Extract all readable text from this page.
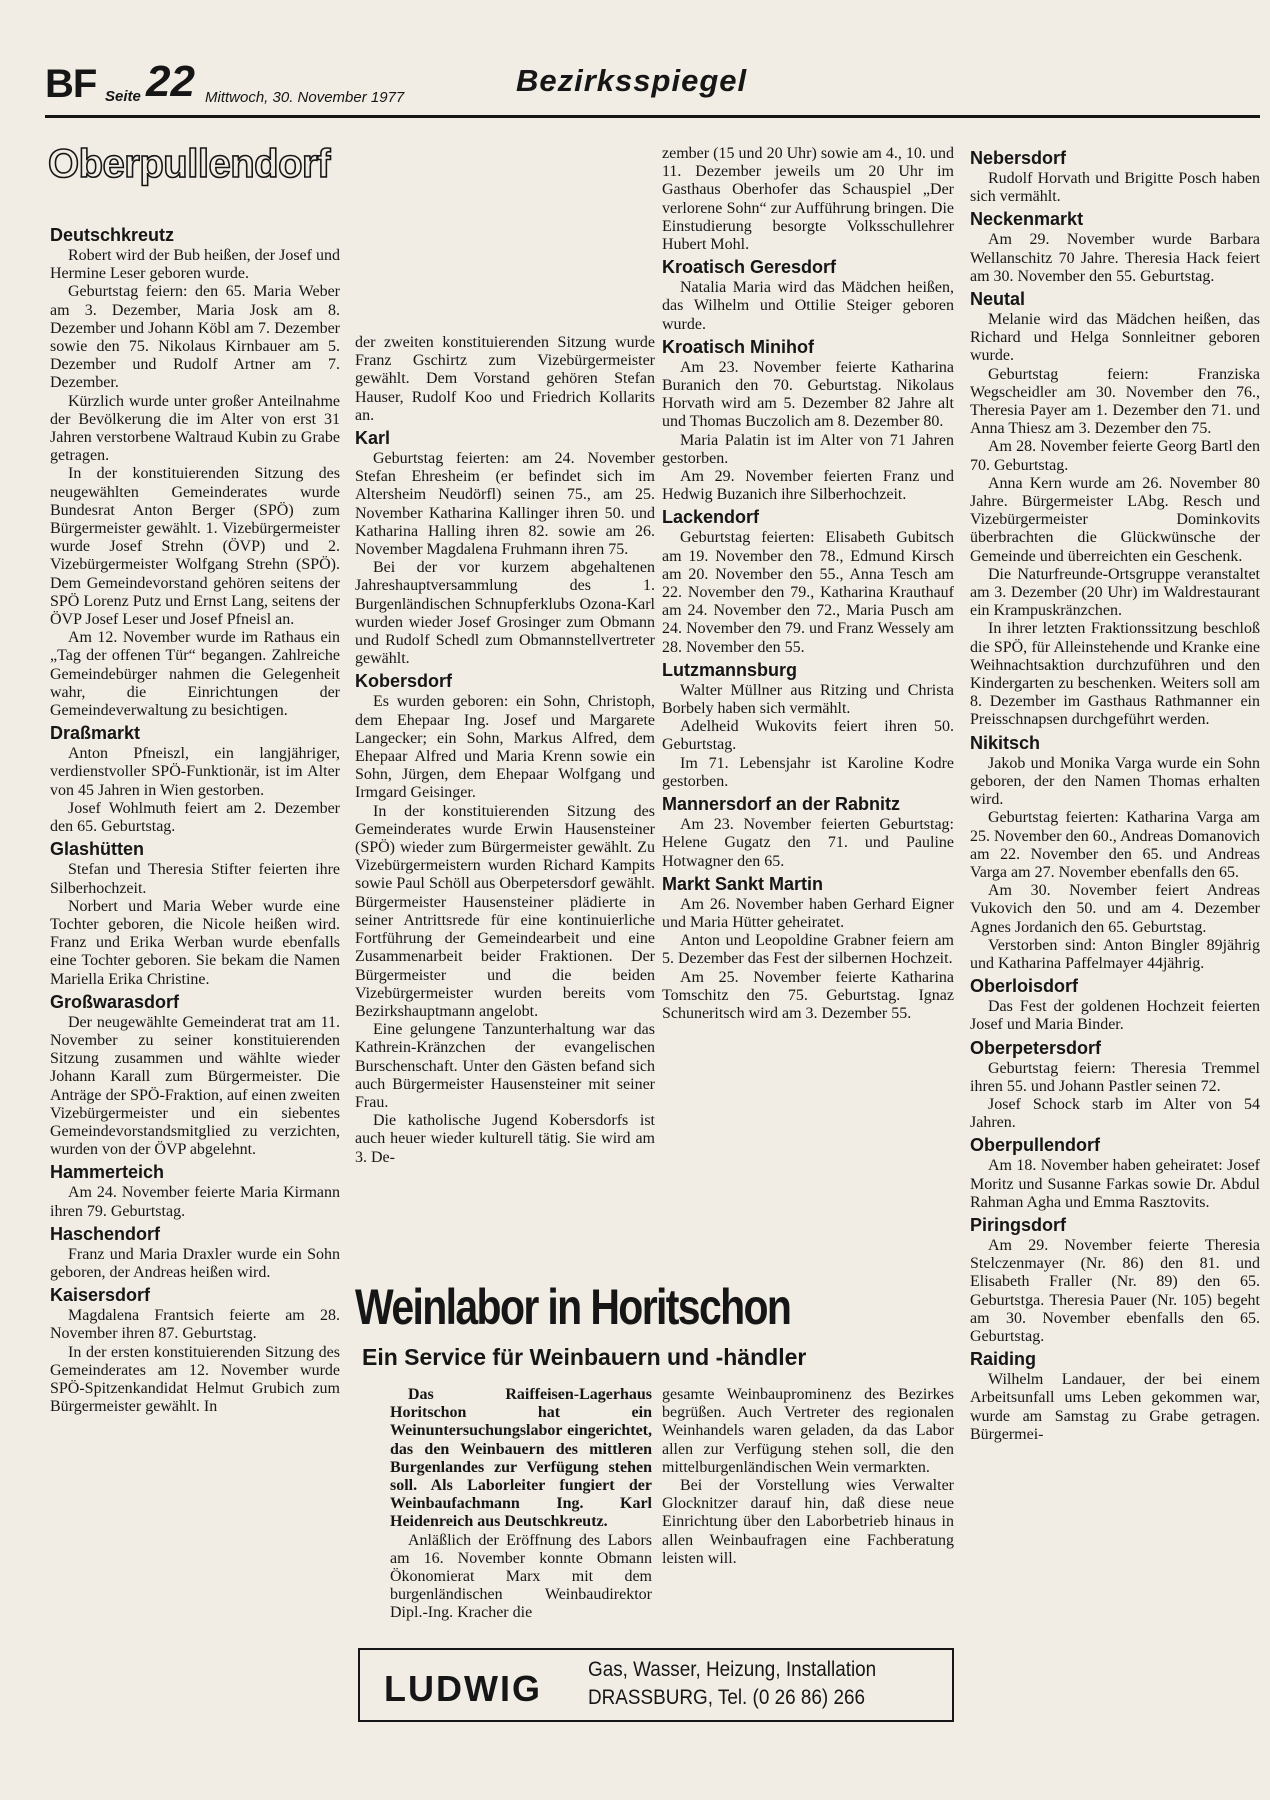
BF Seite 22 Mittwoch, 30. November 1977	Bezirksspiegel
Oberpullendorf
Deutschkreutz

Robert wird der Bub heißen, der Josef und Hermine Leser geboren wurde.

Geburtstag feiern: den 65. Maria Weber am 3. Dezember, Maria Josk am 8. Dezember und Johann Köbl am 7. Dezember sowie den 75. Nikolaus Kirnbauer am 5. Dezember und Rudolf Artner am 7. Dezember.

Kürzlich wurde unter großer Anteilnahme der Bevölkerung die im Alter von erst 31 Jahren verstorbene Waltraud Kubin zu Grabe getragen.

In der konstituierenden Sitzung des neugewählten Gemeinderates wurde Bundesrat Anton Berger (SPÖ) zum Bürgermeister gewählt. 1. Vizebürgermeister wurde Josef Strehn (ÖVP) und 2. Vizebürgermeister Wolfgang Strehn (SPÖ). Dem Gemeindevorstand gehören seitens der SPÖ Lorenz Putz und Ernst Lang, seitens der ÖVP Josef Leser und Josef Pfneisl an.

Am 12. November wurde im Rathaus ein „Tag der offenen Tür“ begangen. Zahlreiche Gemeindebürger nahmen die Gelegenheit wahr, die Einrichtungen der Gemeindeverwaltung zu besichtigen.

Draßmarkt

Anton Pfneiszl, ein langjähriger, verdienstvoller SPÖ-Funktionär, ist im Alter von 45 Jahren in Wien gestorben.

Josef Wohlmuth feiert am 2. Dezember den 65. Geburtstag.

Glashütten

Stefan und Theresia Stifter feierten ihre Silberhochzeit.

Norbert und Maria Weber wurde eine Tochter geboren, die Nicole heißen wird. Franz und Erika Werban wurde ebenfalls eine Tochter geboren. Sie bekam die Namen Mariella Erika Christine.

Großwarasdorf

Der neugewählte Gemeinderat trat am 11. November zu seiner konstituierenden Sitzung zusammen und wählte wieder Johann Karall zum Bürgermeister. Die Anträge der SPÖ-Fraktion, auf einen zweiten Vizebürgermeister und ein siebentes Gemeindevorstandsmitglied zu verzichten, wurden von der ÖVP abgelehnt.

Hammerteich

Am 24. November feierte Maria Kirmann ihren 79. Geburtstag.

Haschendorf

Franz und Maria Draxler wurde ein Sohn geboren, der Andreas heißen wird.

Kaisersdorf

Magdalena Frantsich feierte am 28. November ihren 87. Geburtstag.

In der ersten konstituierenden Sitzung des Gemeinderates am 12. November wurde SPÖ-Spitzenkandidat Helmut Grubich zum Bürgermeister gewählt. In

der zweiten konstituierenden Sitzung wurde Franz Gschirtz zum Vizebürgermeister gewählt. Dem Vorstand gehören Stefan Hauser, Rudolf Koo und Friedrich Kollarits an.

Karl

Geburtstag feierten: am 24. November Stefan Ehresheim (er befindet sich im Altersheim Neudörfl) seinen 75., am 25. November Katharina Kallinger ihren 50. und Katharina Halling ihren 82. sowie am 26. November Magdalena Fruhmann ihren 75.

Bei der vor kurzem abgehaltenen Jahreshauptversammlung des 1. Burgenländischen Schnupferklubs Ozona-Karl wurden wieder Josef Grosinger zum Obmann und Rudolf Schedl zum Obmannstellvertreter gewählt.

Kobersdorf

Es wurden geboren: ein Sohn, Christoph, dem Ehepaar Ing. Josef und Margarete Langecker; ein Sohn, Markus Alfred, dem Ehepaar Alfred und Maria Krenn sowie ein Sohn, Jürgen, dem Ehepaar Wolfgang und Irmgard Geisinger.

In der konstituierenden Sitzung des Gemeinderates wurde Erwin Hausensteiner (SPÖ) wieder zum Bürgermeister gewählt. Zu Vizebürgermeistern wurden Richard Kampits sowie Paul Schöll aus Oberpetersdorf gewählt. Bürgermeister Hausensteiner plädierte in seiner Antrittsrede für eine kontinuierliche Fortführung der Gemeindearbeit und eine Zusammenarbeit beider Fraktionen. Der Bürgermeister und die beiden Vizebürgermeister wurden bereits vom Bezirkshauptmann angelobt.

Eine gelungene Tanzunterhaltung war das Kathrein-Kränzchen der evangelischen Burschenschaft. Unter den Gästen befand sich auch Bürgermeister Hausensteiner mit seiner Frau.

Die katholische Jugend Kobersdorfs ist auch heuer wieder kulturell tätig. Sie wird am 3. De-

zember (15 und 20 Uhr) sowie am 4., 10. und 11. Dezember jeweils um 20 Uhr im Gasthaus Oberhofer das Schauspiel „Der verlorene Sohn“ zur Aufführung bringen. Die Einstudierung besorgte Volksschullehrer Hubert Mohl.

Kroatisch Geresdorf

Natalia Maria wird das Mädchen heißen, das Wilhelm und Ottilie Steiger geboren wurde.

Kroatisch Minihof

Am 23. November feierte Katharina Buranich den 70. Geburtstag. Nikolaus Horvath wird am 5. Dezember 82 Jahre alt und Thomas Buczolich am 8. Dezember 80.

Maria Palatin ist im Alter von 71 Jahren gestorben.

Am 29. November feierten Franz und Hedwig Buzanich ihre Silberhochzeit.

Lackendorf

Geburtstag feierten: Elisabeth Gubitsch am 19. November den 78., Edmund Kirsch am 20. November den 55., Anna Tesch am 22. November den 79., Katharina Krauthauf am 24. November den 72., Maria Pusch am 24. November den 79. und Franz Wessely am 28. November den 55.

Lutzmannsburg

Walter Müllner aus Ritzing und Christa Borbely haben sich vermählt.

Adelheid Wukovits feiert ihren 50. Geburtstag.

Im 71. Lebensjahr ist Karoline Kodre gestorben.

Mannersdorf an der Rabnitz

Am 23. November feierten Geburtstag: Helene Gugatz den 71. und Pauline Hotwagner den 65.

Markt Sankt Martin

Am 26. November haben Gerhard Eigner und Maria Hütter geheiratet.

Anton und Leopoldine Grabner feiern am 5. Dezember das Fest der silbernen Hochzeit.

Am 25. November feierte Katharina Tomschitz den 75. Geburtstag. Ignaz Schuneritsch wird am 3. Dezember 55.

Nebersdorf

Rudolf Horvath und Brigitte Posch haben sich vermählt.

Neckenmarkt

Am 29. November wurde Barbara Wellanschitz 70 Jahre. Theresia Hack feiert am 30. November den 55. Geburtstag.

Neutal

Melanie wird das Mädchen heißen, das Richard und Helga Sonnleitner geboren wurde.

Geburtstag feiern: Franziska Wegscheidler am 30. November den 76., Theresia Payer am 1. Dezember den 71. und Anna Thiesz am 3. Dezember den 75.

Am 28. November feierte Georg Bartl den 70. Geburtstag.

Anna Kern wurde am 26. November 80 Jahre. Bürgermeister LAbg. Resch und Vizebürgermeister Dominkovits überbrachten die Glückwünsche der Gemeinde und überreichten ein Geschenk.

Die Naturfreunde-Ortsgruppe veranstaltet am 3. Dezember (20 Uhr) im Waldrestaurant ein Krampuskränzchen.

In ihrer letzten Fraktionssitzung beschloß die SPÖ, für Alleinstehende und Kranke eine Weihnachtsaktion durchzuführen und den Kindergarten zu beschenken. Weiters soll am 8. Dezember im Gasthaus Rathmanner ein Preisschnapsen durchgeführt werden.

Nikitsch

Jakob und Monika Varga wurde ein Sohn geboren, der den Namen Thomas erhalten wird.

Geburtstag feierten: Katharina Varga am 25. November den 60., Andreas Domanovich am 22. November den 65. und Andreas Varga am 27. November ebenfalls den 65.

Am 30. November feiert Andreas Vukovich den 50. und am 4. Dezember Agnes Jordanich den 65. Geburtstag.

Verstorben sind: Anton Bingler 89jährig und Katharina Paffelmayer 44jährig.

Oberloisdorf

Das Fest der goldenen Hochzeit feierten Josef und Maria Binder.

Oberpetersdorf

Geburtstag feiern: Theresia Tremmel ihren 55. und Johann Pastler seinen 72.

Josef Schock starb im Alter von 54 Jahren.

Oberpullendorf

Am 18. November haben geheiratet: Josef Moritz und Susanne Farkas sowie Dr. Abdul Rahman Agha und Emma Rasztovits.

Piringsdorf

Am 29. November feierte Theresia Stelczenmayer (Nr. 86) den 81. und Elisabeth Fraller (Nr. 89) den 65. Geburtstga. Theresia Pauer (Nr. 105) begeht am 30. November ebenfalls den 65. Geburtstag.

Raiding

Wilhelm Landauer, der bei einem Arbeitsunfall ums Leben gekommen war, wurde am Samstag zu Grabe getragen. Bürgermei-

Weinlabor in Horitschon
Ein Service für Weinbauern und -händler

Das Raiffeisen-Lagerhaus Horitschon hat ein Weinuntersuchungslabor eingerichtet, das den Weinbauern des mittleren Burgenlandes zur Verfügung stehen soll. Als Laborleiter fungiert der Weinbaufachmann Ing. Karl Heidenreich aus Deutschkreutz.

Anläßlich der Eröffnung des Labors am 16. November konnte Obmann Ökonomierat Marx mit dem burgenländischen Weinbaudirektor Dipl.-Ing. Kracher die

gesamte Weinbauprominenz des Bezirkes begrüßen. Auch Vertreter des regionalen Weinhandels waren geladen, da das Labor allen zur Verfügung stehen soll, die den mittelburgenländischen Wein vermarkten.

Bei der Vorstellung wies Verwalter Glocknitzer darauf hin, daß diese neue Einrichtung über den Laborbetrieb hinaus in allen Weinbaufragen eine Fachberatung leisten will.

LUDWIG Gas, Wasser, Heizung, Installation
DRASSBURG, Tel. (0 26 86) 266
